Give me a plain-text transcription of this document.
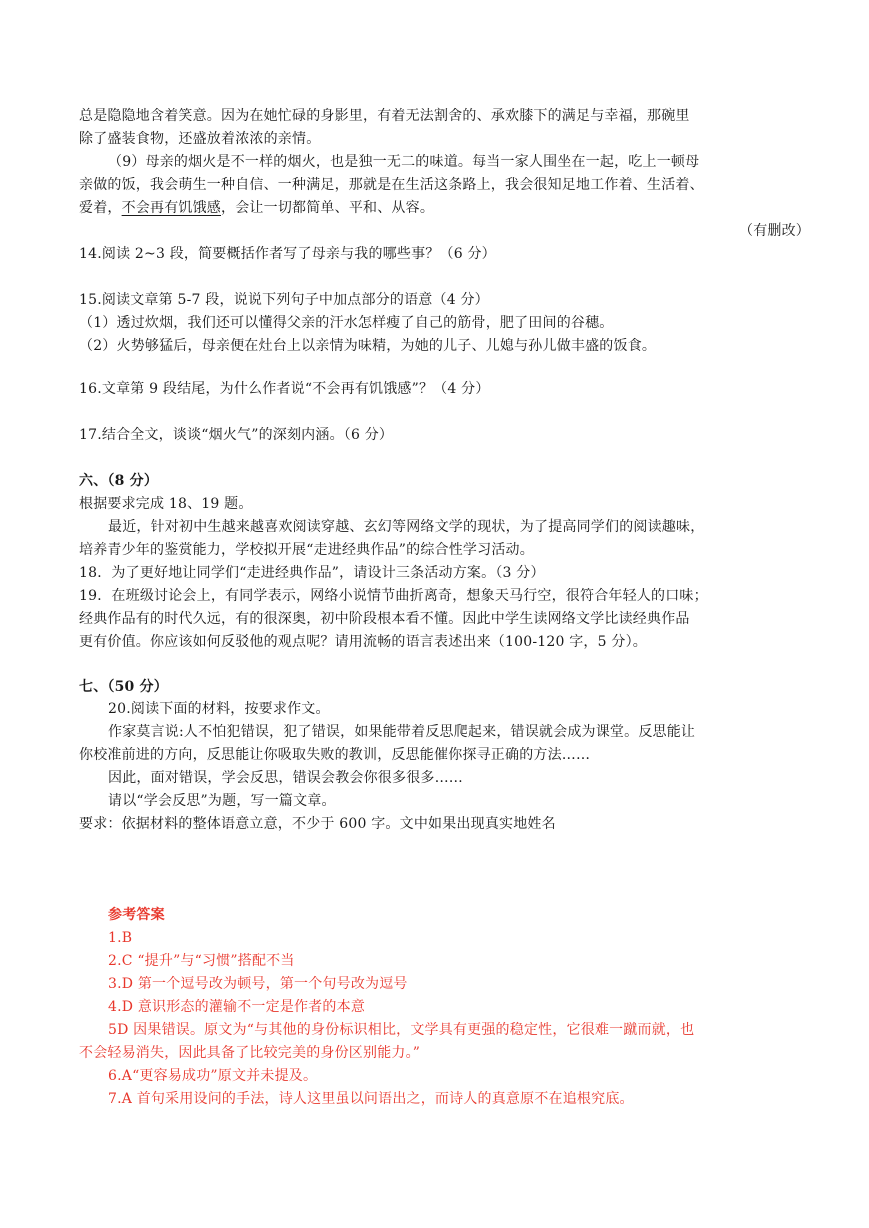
总是隐隐地含着笑意。因为在她忙碌的身影里，有着无法割舍的、承欢膝下的满足与幸福，那碗里
除了盛装食物，还盛放着浓浓的亲情。
（9）母亲的烟火是不一样的烟火，也是独一无二的味道。每当一家人围坐在一起，吃上一顿母
亲做的饭，我会萌生一种自信、一种满足，那就是在生活这条路上，我会很知足地工作着、生活着、
爱着，不会再有饥饿感，会让一切都简单、平和、从容。
（有删改）
14.阅读 2~3 段，简要概括作者写了母亲与我的哪些事？（6 分）
15.阅读文章第 5-7 段，说说下列句子中加点部分的语意（4 分）
（1）透过炊烟，我们还可以懂得父亲的汗水怎样瘦了自己的筋骨，肥了田间的谷穗。
（2）火势够猛后，母亲便在灶台上以亲情为味精，为她的儿子、儿媳与孙儿做丰盛的饭食。
16.文章第 9 段结尾，为什么作者说“不会再有饥饿感”？（4 分）
17.结合全文，谈谈“烟火气”的深刻内涵。（6 分）
六、（8 分）
根据要求完成 18、19 题。
最近，针对初中生越来越喜欢阅读穿越、玄幻等网络文学的现状，为了提高同学们的阅读趣味，
培养青少年的鉴赏能力，学校拟开展“走进经典作品”的综合性学习活动。
18．为了更好地让同学们“走进经典作品”，请设计三条活动方案。（3 分）
19．在班级讨论会上，有同学表示，网络小说情节曲折离奇，想象天马行空，很符合年轻人的口味；
经典作品有的时代久远，有的很深奥，初中阶段根本看不懂。因此中学生读网络文学比读经典作品
更有价值。你应该如何反驳他的观点呢？请用流畅的语言表述出来（100-120 字，5 分）。
七、（50 分）
20.阅读下面的材料，按要求作文。
作家莫言说:人不怕犯错误，犯了错误，如果能带着反思爬起来，错误就会成为课堂。反思能让
你校准前进的方向，反思能让你吸取失败的教训，反思能催你探寻正确的方法……
因此，面对错误，学会反思，错误会教会你很多很多……
请以“学会反思”为题，写一篇文章。
要求：依据材料的整体语意立意，不少于 600 字。文中如果出现真实地姓名
参考答案
1.B
2.C “提升”与“习惯”搭配不当
3.D 第一个逗号改为顿号，第一个句号改为逗号
4.D 意识形态的灌输不一定是作者的本意
5D 因果错误。原文为“与其他的身份标识相比，文学具有更强的稳定性，它很难一蹴而就，也
不会轻易消失，因此具备了比较完美的身份区别能力。”
6.A“更容易成功”原文并未提及。
7.A 首句采用设问的手法，诗人这里虽以问语出之，而诗人的真意原不在追根究底。
